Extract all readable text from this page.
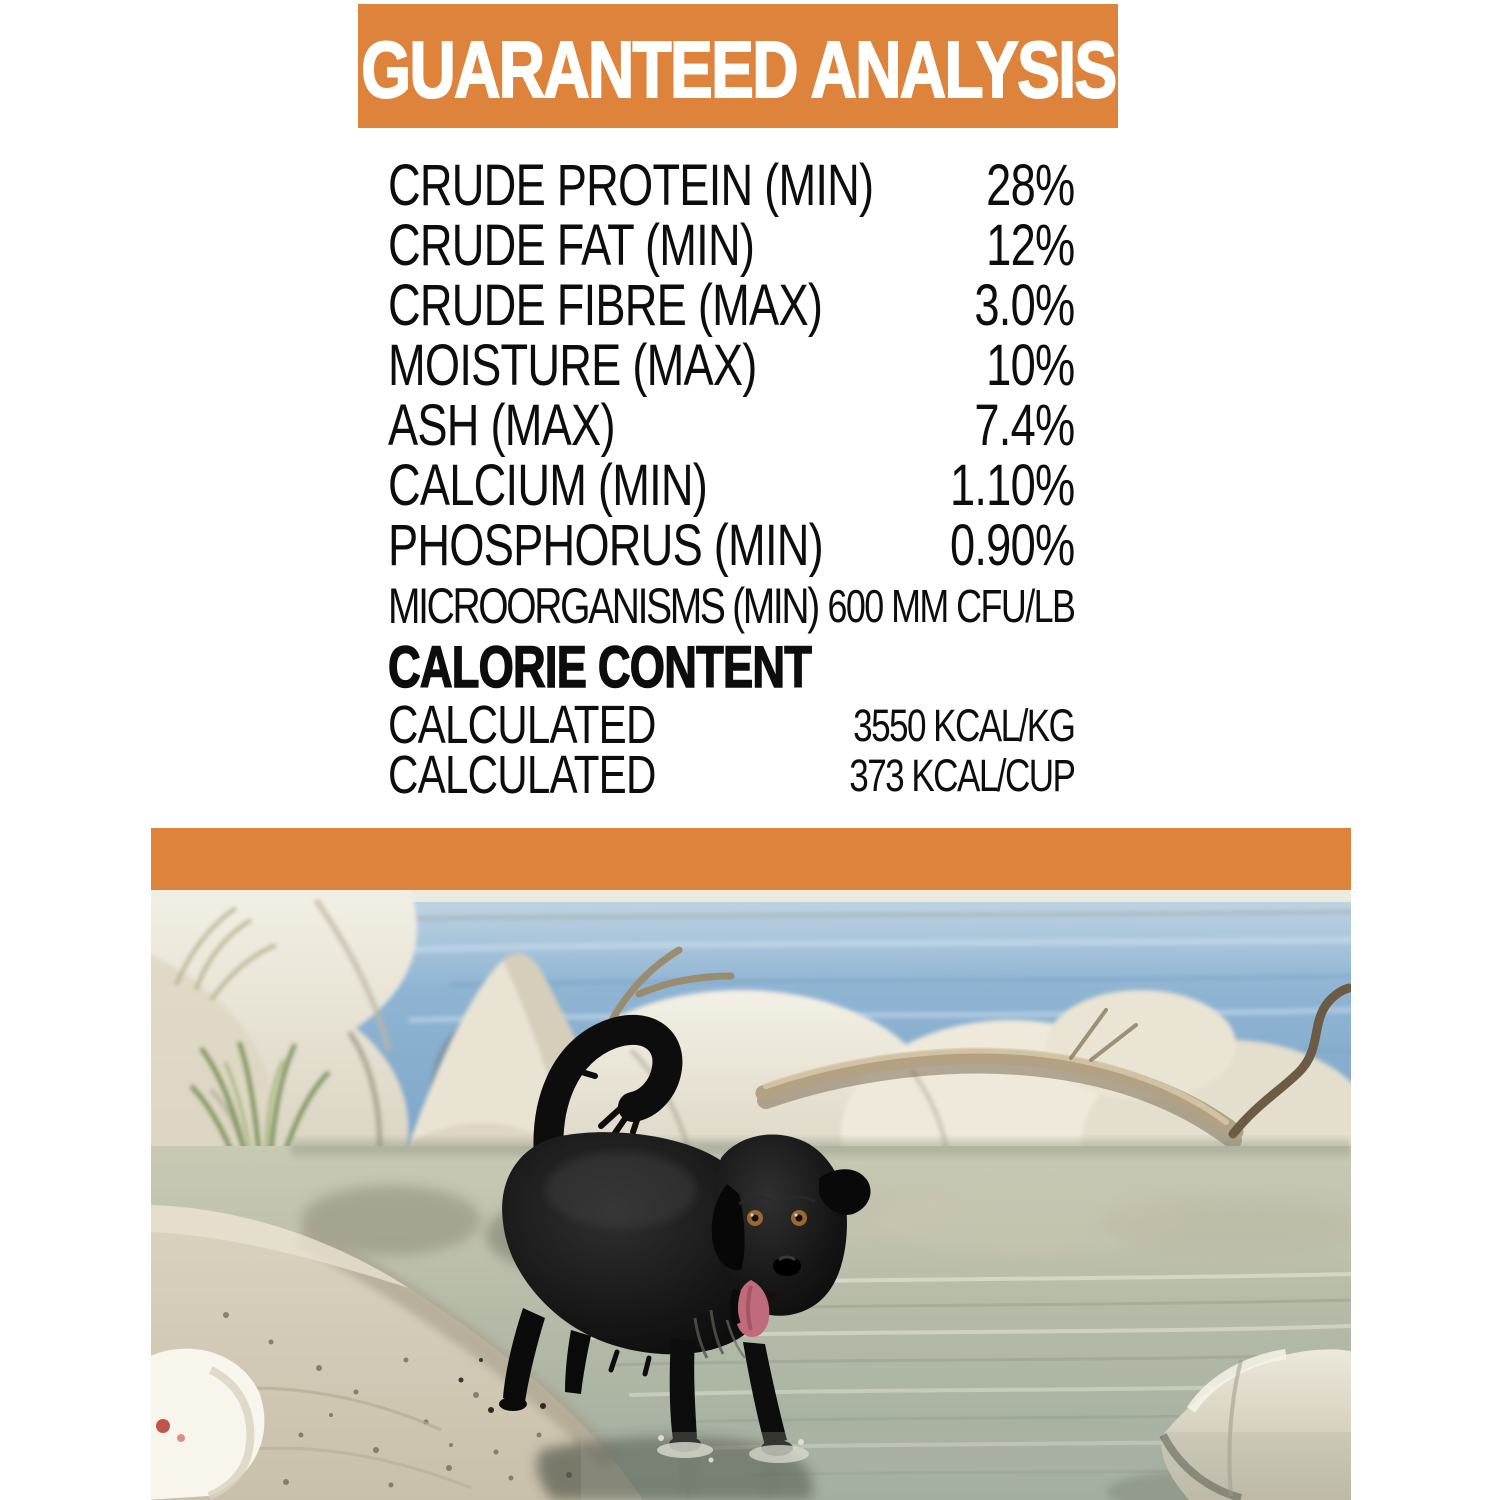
GUARANTEED ANALYSIS
CRUDE PROTEIN (MIN) 28%
CRUDE FAT (MIN)	12%
CRUDE FIBRE (MAX)	3.0%
MOISTURE (MAX)	10%
ASH (MAX)	7.4%
CALCIUM (MIN)	1.10%
PHOSPHORUS (MIN) 0.90%
MICROORGANISMS (MIN) 600 MM CFU/LB
CALORIE CONTENT
CALCULATED	3550 KCAL/KG
CALCULATED	373 KCAL/CUP
